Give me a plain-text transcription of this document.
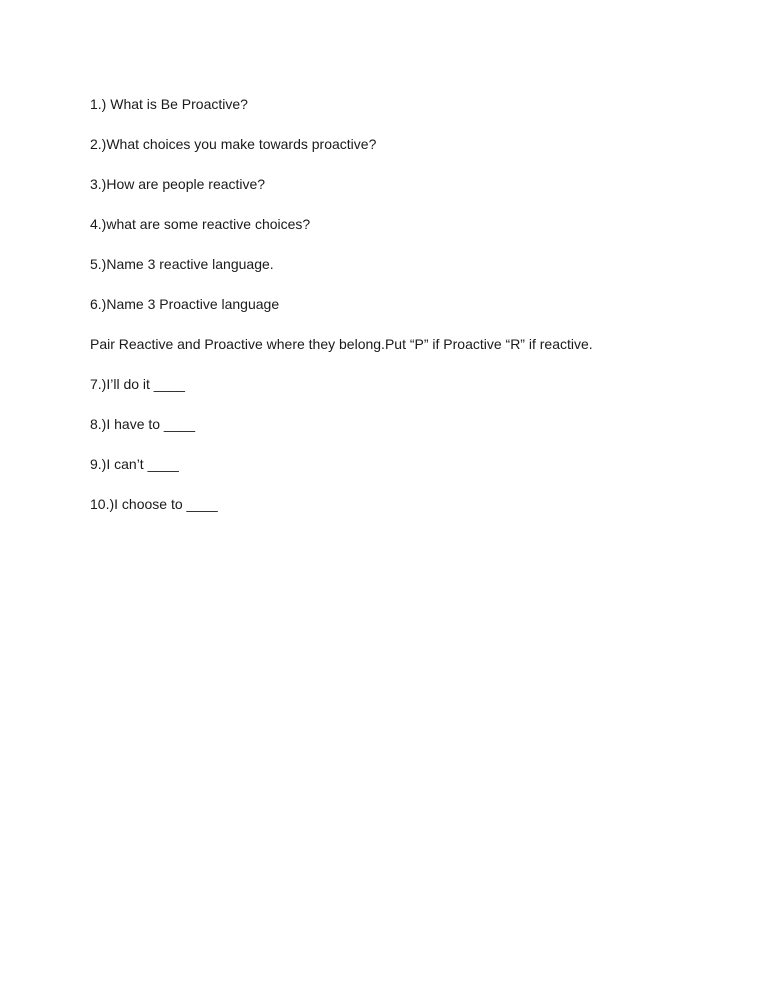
1.) What is Be Proactive?
2.)What choices you make towards proactive?
3.)How are people reactive?
4.)what are some reactive choices?
5.)Name 3 reactive language.
6.)Name 3 Proactive language
Pair Reactive and Proactive where they belong.Put “P” if Proactive “R” if reactive.
7.)I’ll do it ____
8.)I have to ____
9.)I can’t ____
10.)I choose to ____
